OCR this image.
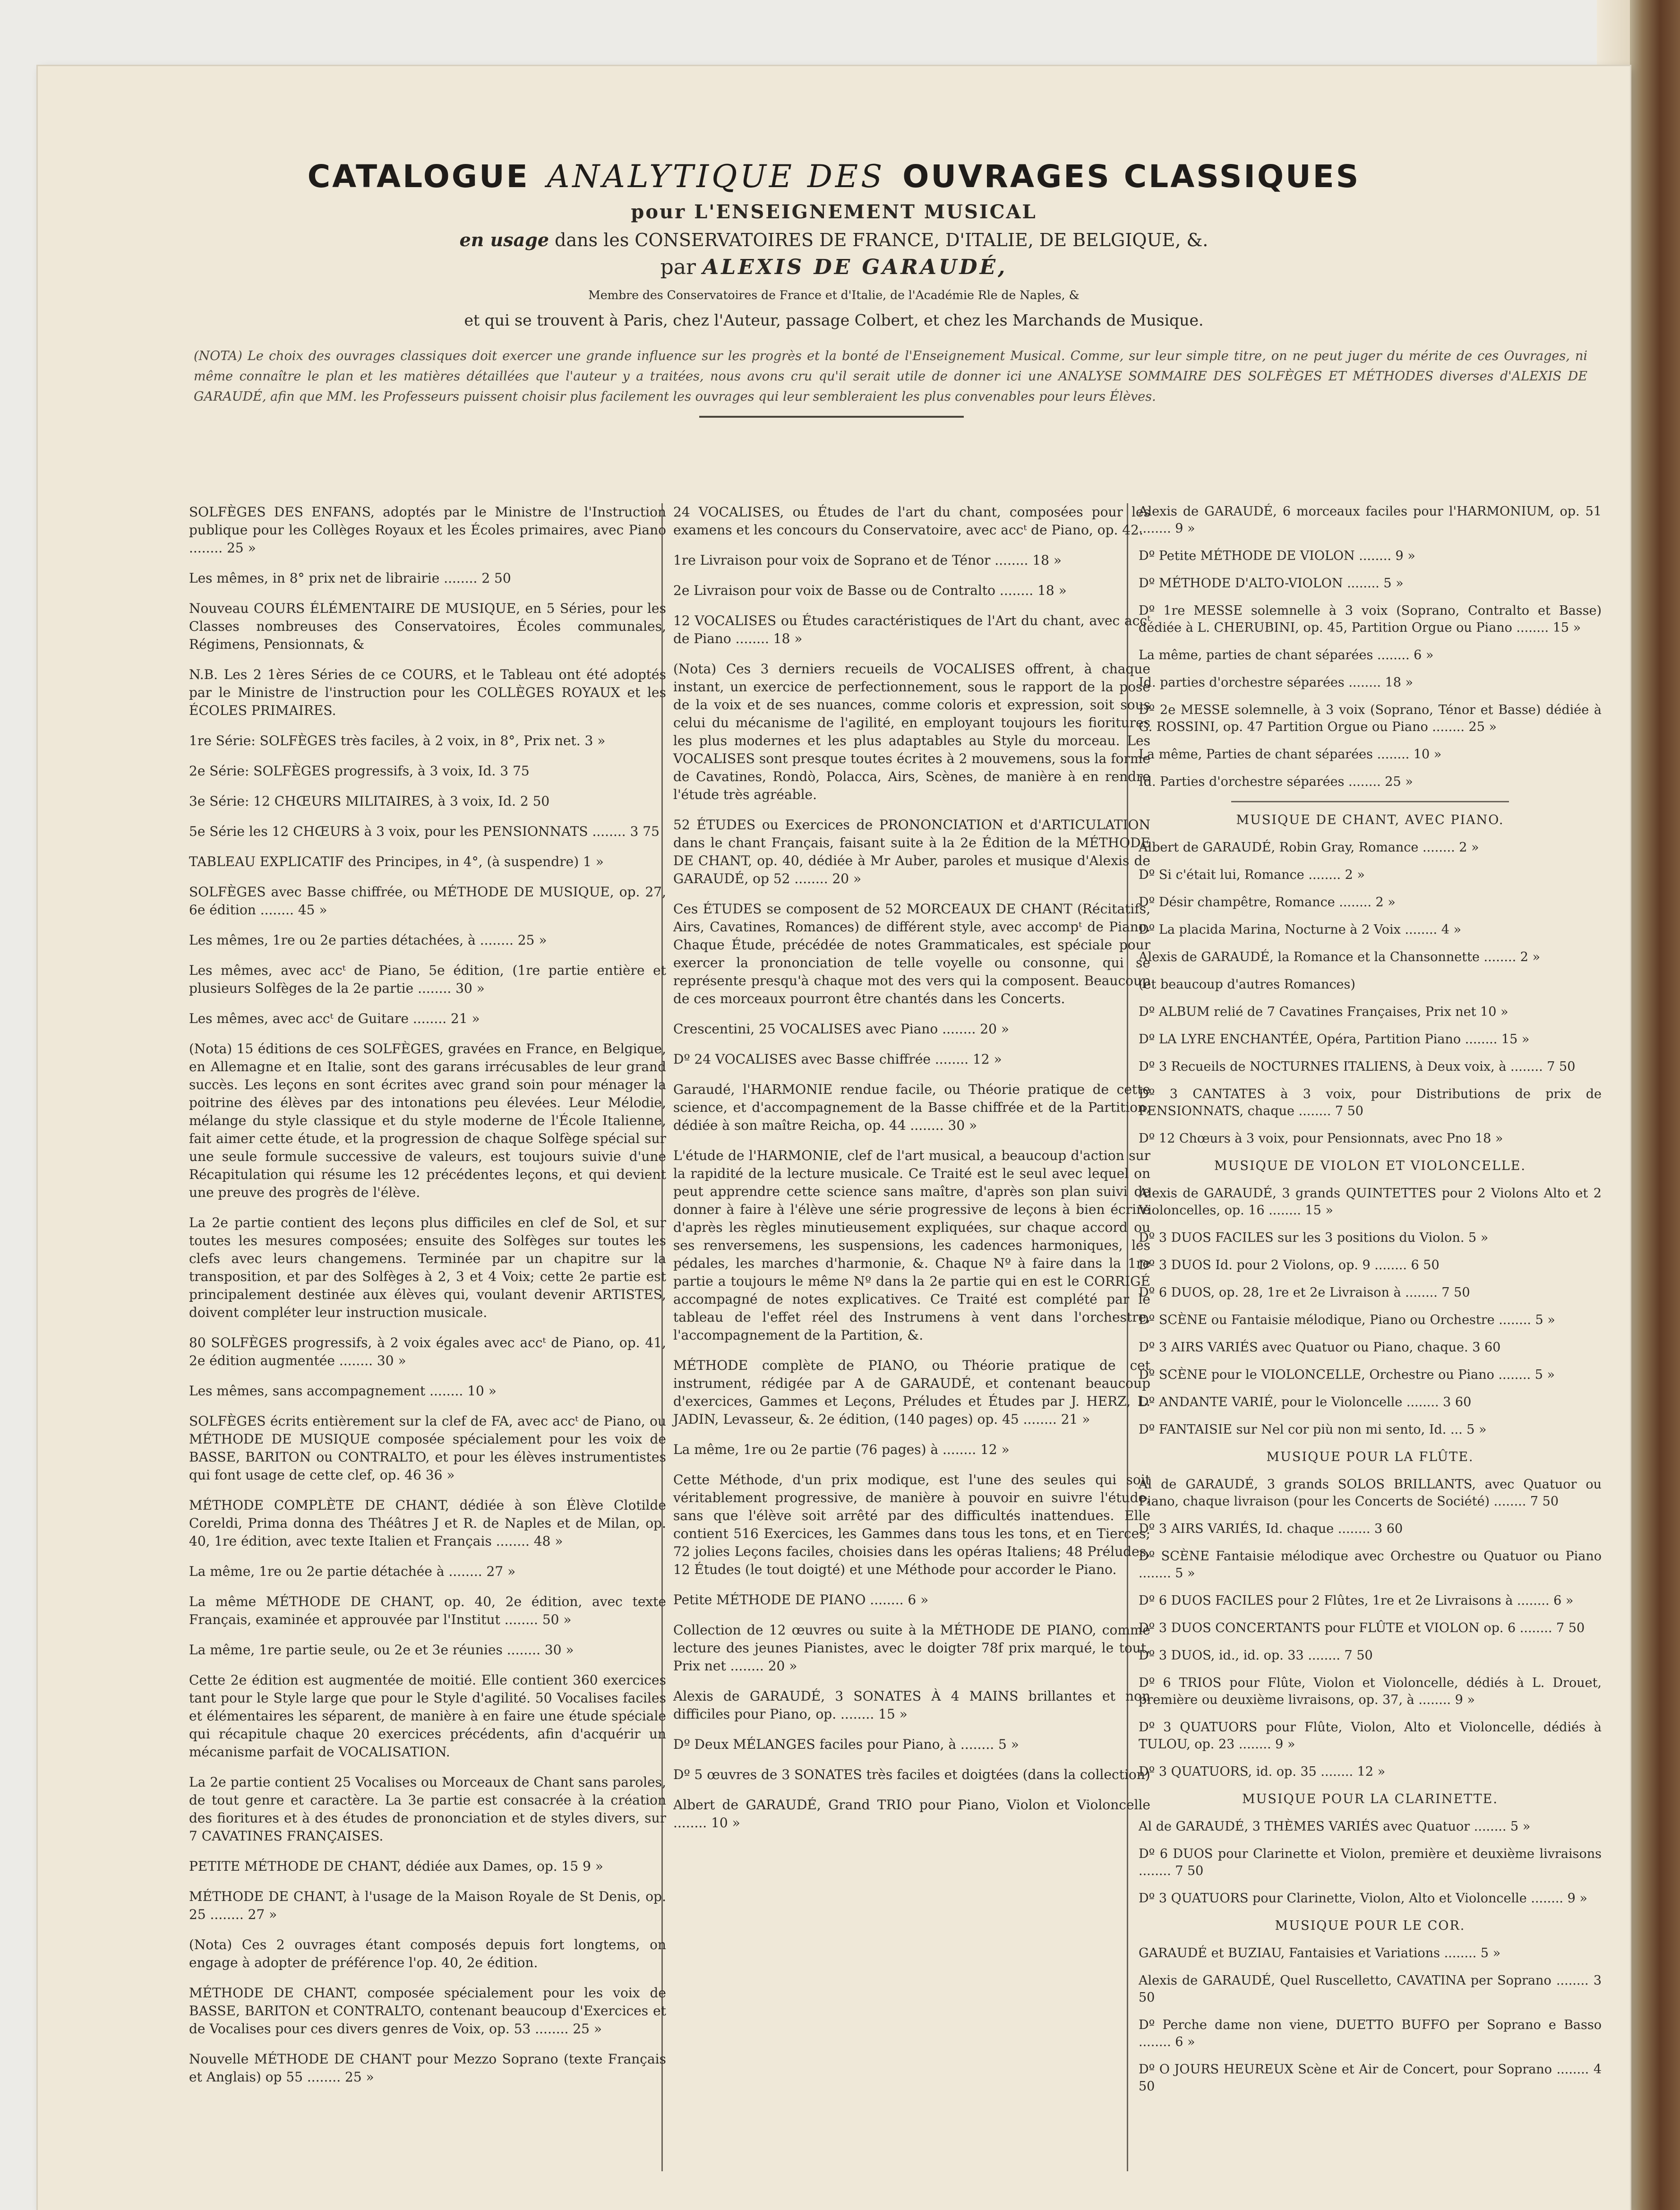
CATALOGUE ANALYTIQUE DES OUVRAGES CLASSIQUES
pour L'ENSEIGNEMENT MUSICAL
en usage dans les CONSERVATOIRES DE FRANCE, D'ITALIE, DE BELGIQUE, &.
par ALEXIS DE GARAUDÉ,
Membre des Conservatoires de France et d'Italie, de l'Académie Rle de Naples, &
et qui se trouvent à Paris, chez l'Auteur, passage Colbert, et chez les Marchands de Musique.
(NOTA) Le choix des ouvrages classiques doit exercer une grande influence sur les progrès et la bonté de l'Enseignement Musical. Comme, sur leur simple titre, on ne peut juger du mérite de ces Ouvrages, ni même connaître le plan et les matières détaillées que l'auteur y a traitées, nous avons cru qu'il serait utile de donner ici une ANALYSE SOMMAIRE DES SOLFÈGES ET MÉTHODES diverses d'ALEXIS DE GARAUDÉ, afin que MM. les Professeurs puissent choisir plus facilement les ouvrages qui leur sembleraient les plus convenables pour leurs Élèves.
SOLFÈGES DES ENFANS, adoptés par le Ministre de l'Instruction publique pour les Collèges Royaux et les Écoles primaires, avec Piano ........ 25 »
Les mêmes, in 8° prix net de librairie ........ 2 50
Nouveau COURS ÉLÉMENTAIRE DE MUSIQUE, en 5 Séries, pour les Classes nombreuses des Conservatoires, Écoles communales, Régimens, Pensionnats, &
N.B. Les 2 1ères Séries de ce COURS, et le Tableau ont été adoptés par le Ministre de l'instruction pour les COLLÈGES ROYAUX et les ÉCOLES PRIMAIRES.
1re Série: SOLFÈGES très faciles, à 2 voix, in 8°, Prix net. 3 »
2e Série: SOLFÈGES progressifs, à 3 voix, Id. 3 75
3e Série: 12 CHŒURS MILITAIRES, à 3 voix, Id. 2 50
5e Série les 12 CHŒURS à 3 voix, pour les PENSIONNATS ........ 3 75
TABLEAU EXPLICATIF des Principes, in 4°, (à suspendre) 1 »
SOLFÈGES avec Basse chiffrée, ou MÉTHODE DE MUSIQUE, op. 27, 6e édition ........ 45 »
Les mêmes, 1re ou 2e parties détachées, à ........ 25 »
Les mêmes, avec accᵗ de Piano, 5e édition, (1re partie entière et plusieurs Solfèges de la 2e partie ........ 30 »
Les mêmes, avec accᵗ de Guitare ........ 21 »
(Nota) 15 éditions de ces SOLFÈGES, gravées en France, en Belgique, en Allemagne et en Italie, sont des garans irrécusables de leur grand succès. Les leçons en sont écrites avec grand soin pour ménager la poitrine des élèves par des intonations peu élevées. Leur Mélodie, mélange du style classique et du style moderne de l'École Italienne, fait aimer cette étude, et la progression de chaque Solfège spécial sur une seule formule successive de valeurs, est toujours suivie d'une Récapitulation qui résume les 12 précédentes leçons, et qui devient une preuve des progrès de l'élève.
La 2e partie contient des leçons plus difficiles en clef de Sol, et sur toutes les mesures composées; ensuite des Solfèges sur toutes les clefs avec leurs changemens. Terminée par un chapitre sur la transposition, et par des Solfèges à 2, 3 et 4 Voix; cette 2e partie est principalement destinée aux élèves qui, voulant devenir ARTISTES, doivent compléter leur instruction musicale.
80 SOLFÈGES progressifs, à 2 voix égales avec accᵗ de Piano, op. 41, 2e édition augmentée ........ 30 »
Les mêmes, sans accompagnement ........ 10 »
SOLFÈGES écrits entièrement sur la clef de FA, avec accᵗ de Piano, ou MÉTHODE DE MUSIQUE composée spécialement pour les voix de BASSE, BARITON ou CONTRALTO, et pour les élèves instrumentistes qui font usage de cette clef, op. 46 36 »
MÉTHODE COMPLÈTE DE CHANT, dédiée à son Élève Clotilde Coreldi, Prima donna des Théâtres J et R. de Naples et de Milan, op. 40, 1re édition, avec texte Italien et Français ........ 48 »
La même, 1re ou 2e partie détachée à ........ 27 »
La même MÉTHODE DE CHANT, op. 40, 2e édition, avec texte Français, examinée et approuvée par l'Institut ........ 50 »
La même, 1re partie seule, ou 2e et 3e réunies ........ 30 »
Cette 2e édition est augmentée de moitié. Elle contient 360 exercices tant pour le Style large que pour le Style d'agilité. 50 Vocalises faciles et élémentaires les séparent, de manière à en faire une étude spéciale qui récapitule chaque 20 exercices précédents, afin d'acquérir un mécanisme parfait de VOCALISATION.
La 2e partie contient 25 Vocalises ou Morceaux de Chant sans paroles, de tout genre et caractère. La 3e partie est consacrée à la création des fioritures et à des études de prononciation et de styles divers, sur 7 CAVATINES FRANÇAISES.
PETITE MÉTHODE DE CHANT, dédiée aux Dames, op. 15 9 »
MÉTHODE DE CHANT, à l'usage de la Maison Royale de St Denis, op. 25 ........ 27 »
(Nota) Ces 2 ouvrages étant composés depuis fort longtems, on engage à adopter de préférence l'op. 40, 2e édition.
MÉTHODE DE CHANT, composée spécialement pour les voix de BASSE, BARITON et CONTRALTO, contenant beaucoup d'Exercices et de Vocalises pour ces divers genres de Voix, op. 53 ........ 25 »
Nouvelle MÉTHODE DE CHANT pour Mezzo Soprano (texte Français et Anglais) op 55 ........ 25 »
24 VOCALISES, ou Études de l'art du chant, composées pour les examens et les concours du Conservatoire, avec accᵗ de Piano, op. 42.
1re Livraison pour voix de Soprano et de Ténor ........ 18 »
2e Livraison pour voix de Basse ou de Contralto ........ 18 »
12 VOCALISES ou Études caractéristiques de l'Art du chant, avec accᵗ de Piano ........ 18 »
(Nota) Ces 3 derniers recueils de VOCALISES offrent, à chaque instant, un exercice de perfectionnement, sous le rapport de la pose de la voix et de ses nuances, comme coloris et expression, soit sous celui du mécanisme de l'agilité, en employant toujours les fioritures les plus modernes et les plus adaptables au Style du morceau. Les VOCALISES sont presque toutes écrites à 2 mouvemens, sous la forme de Cavatines, Rondò, Polacca, Airs, Scènes, de manière à en rendre l'étude très agréable.
52 ÉTUDES ou Exercices de PRONONCIATION et d'ARTICULATION dans le chant Français, faisant suite à la 2e Édition de la MÉTHODE DE CHANT, op. 40, dédiée à Mr Auber, paroles et musique d'Alexis de GARAUDÉ, op 52 ........ 20 »
Ces ÉTUDES se composent de 52 MORCEAUX DE CHANT (Récitatifs, Airs, Cavatines, Romances) de différent style, avec accompᵗ de Piano. Chaque Étude, précédée de notes Grammaticales, est spéciale pour exercer la prononciation de telle voyelle ou consonne, qui se représente presqu'à chaque mot des vers qui la composent. Beaucoup de ces morceaux pourront être chantés dans les Concerts.
Crescentini, 25 VOCALISES avec Piano ........ 20 »
Dº 24 VOCALISES avec Basse chiffrée ........ 12 »
Garaudé, l'HARMONIE rendue facile, ou Théorie pratique de cette science, et d'accompagnement de la Basse chiffrée et de la Partition, dédiée à son maître Reicha, op. 44 ........ 30 »
L'étude de l'HARMONIE, clef de l'art musical, a beaucoup d'action sur la rapidité de la lecture musicale. Ce Traité est le seul avec lequel on peut apprendre cette science sans maître, d'après son plan suivi de donner à faire à l'élève une série progressive de leçons à bien écrire d'après les règles minutieusement expliquées, sur chaque accord ou ses renversemens, les suspensions, les cadences harmoniques, les pédales, les marches d'harmonie, &. Chaque Nº à faire dans la 1re partie a toujours le même Nº dans la 2e partie qui en est le CORRIGÉ accompagné de notes explicatives. Ce Traité est complété par le tableau de l'effet réel des Instrumens à vent dans l'orchestre, l'accompagnement de la Partition, &.
MÉTHODE complète de PIANO, ou Théorie pratique de cet instrument, rédigée par A de GARAUDÉ, et contenant beaucoup d'exercices, Gammes et Leçons, Préludes et Études par J. HERZ, L. JADIN, Levasseur, &. 2e édition, (140 pages) op. 45 ........ 21 »
La même, 1re ou 2e partie (76 pages) à ........ 12 »
Cette Méthode, d'un prix modique, est l'une des seules qui soit véritablement progressive, de manière à pouvoir en suivre l'étude, sans que l'élève soit arrêté par des difficultés inattendues. Elle contient 516 Exercices, les Gammes dans tous les tons, et en Tierces; 72 jolies Leçons faciles, choisies dans les opéras Italiens; 48 Préludes, 12 Études (le tout doigté) et une Méthode pour accorder le Piano.
Petite MÉTHODE DE PIANO ........ 6 »
Collection de 12 œuvres ou suite à la MÉTHODE DE PIANO, comme lecture des jeunes Pianistes, avec le doigter 78f prix marqué, le tout, Prix net ........ 20 »
Alexis de GARAUDÉ, 3 SONATES À 4 MAINS brillantes et non difficiles pour Piano, op. ........ 15 »
Dº Deux MÉLANGES faciles pour Piano, à ........ 5 »
Dº 5 œuvres de 3 SONATES très faciles et doigtées (dans la collection)
Albert de GARAUDÉ, Grand TRIO pour Piano, Violon et Violoncelle ........ 10 »
Alexis de GARAUDÉ, 6 morceaux faciles pour l'HARMONIUM, op. 51 ........ 9 »
Dº Petite MÉTHODE DE VIOLON ........ 9 »
Dº MÉTHODE D'ALTO-VIOLON ........ 5 »
Dº 1re MESSE solemnelle à 3 voix (Soprano, Contralto et Basse) dédiée à L. CHERUBINI, op. 45, Partition Orgue ou Piano ........ 15 »
La même, parties de chant séparées ........ 6 »
Id. parties d'orchestre séparées ........ 18 »
Dº 2e MESSE solemnelle, à 3 voix (Soprano, Ténor et Basse) dédiée à G. ROSSINI, op. 47 Partition Orgue ou Piano ........ 25 »
La même, Parties de chant séparées ........ 10 »
Id. Parties d'orchestre séparées ........ 25 »
MUSIQUE DE CHANT, AVEC PIANO.
Albert de GARAUDÉ, Robin Gray, Romance ........ 2 »
Dº Si c'était lui, Romance ........ 2 »
Dº Désir champêtre, Romance ........ 2 »
Dº La placida Marina, Nocturne à 2 Voix ........ 4 »
Alexis de GARAUDÉ, la Romance et la Chansonnette ........ 2 »
(et beaucoup d'autres Romances)
Dº ALBUM relié de 7 Cavatines Françaises, Prix net 10 »
Dº LA LYRE ENCHANTÉE, Opéra, Partition Piano ........ 15 »
Dº 3 Recueils de NOCTURNES ITALIENS, à Deux voix, à ........ 7 50
Dº 3 CANTATES à 3 voix, pour Distributions de prix de PENSIONNATS, chaque ........ 7 50
Dº 12 Chœurs à 3 voix, pour Pensionnats, avec Pno 18 »
MUSIQUE DE VIOLON ET VIOLONCELLE.
Alexis de GARAUDÉ, 3 grands QUINTETTES pour 2 Violons Alto et 2 Violoncelles, op. 16 ........ 15 »
Dº 3 DUOS FACILES sur les 3 positions du Violon. 5 »
Dº 3 DUOS Id. pour 2 Violons, op. 9 ........ 6 50
Dº 6 DUOS, op. 28, 1re et 2e Livraison à ........ 7 50
Dº SCÈNE ou Fantaisie mélodique, Piano ou Orchestre ........ 5 »
Dº 3 AIRS VARIÉS avec Quatuor ou Piano, chaque. 3 60
Dº SCÈNE pour le VIOLONCELLE, Orchestre ou Piano ........ 5 »
Dº ANDANTE VARIÉ, pour le Violoncelle ........ 3 60
Dº FANTAISIE sur Nel cor più non mi sento, Id. ... 5 »
MUSIQUE POUR LA FLÛTE.
Al de GARAUDÉ, 3 grands SOLOS BRILLANTS, avec Quatuor ou Piano, chaque livraison (pour les Concerts de Société) ........ 7 50
Dº 3 AIRS VARIÉS, Id. chaque ........ 3 60
Dº SCÈNE Fantaisie mélodique avec Orchestre ou Quatuor ou Piano ........ 5 »
Dº 6 DUOS FACILES pour 2 Flûtes, 1re et 2e Livraisons à ........ 6 »
Dº 3 DUOS CONCERTANTS pour FLÛTE et VIOLON op. 6 ........ 7 50
Dº 3 DUOS, id., id. op. 33 ........ 7 50
Dº 6 TRIOS pour Flûte, Violon et Violoncelle, dédiés à L. Drouet, première ou deuxième livraisons, op. 37, à ........ 9 »
Dº 3 QUATUORS pour Flûte, Violon, Alto et Violoncelle, dédiés à TULOU, op. 23 ........ 9 »
Dº 3 QUATUORS, id. op. 35 ........ 12 »
MUSIQUE POUR LA CLARINETTE.
Al de GARAUDÉ, 3 THÈMES VARIÉS avec Quatuor ........ 5 »
Dº 6 DUOS pour Clarinette et Violon, première et deuxième livraisons ........ 7 50
Dº 3 QUATUORS pour Clarinette, Violon, Alto et Violoncelle ........ 9 »
MUSIQUE POUR LE COR.
GARAUDÉ et BUZIAU, Fantaisies et Variations ........ 5 »
Alexis de GARAUDÉ, Quel Ruscelletto, CAVATINA per Soprano ........ 3 50
Dº Perche dame non viene, DUETTO BUFFO per Soprano e Basso ........ 6 »
Dº O JOURS HEUREUX Scène et Air de Concert, pour Soprano ........ 4 50
